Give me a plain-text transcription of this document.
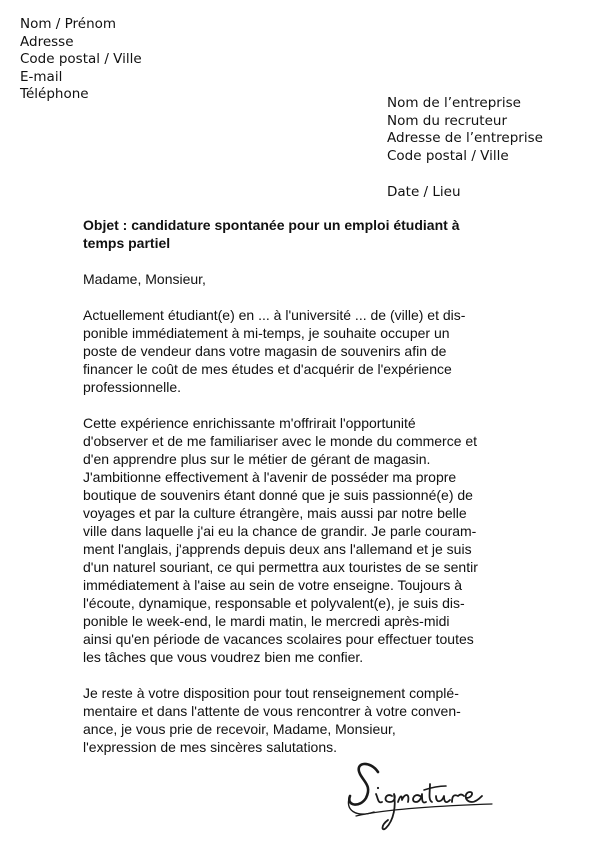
Nom / Prénom
Adresse
Code postal / Ville
E-mail
Téléphone
Nom de l’entreprise
Nom du recruteur
Adresse de l’entreprise
Code postal / Ville
Date / Lieu
Objet : candidature spontanée pour un emploi étudiant à
temps partiel
Madame, Monsieur,
Actuellement étudiant(e) en ... à l'université ... de (ville) et dis-
ponible immédiatement à mi-temps, je souhaite occuper un
poste de vendeur dans votre magasin de souvenirs afin de
financer le coût de mes études et d'acquérir de l'expérience
professionnelle.
Cette expérience enrichissante m'offrirait l'opportunité
d'observer et de me familiariser avec le monde du commerce et
d'en apprendre plus sur le métier de gérant de magasin.
J'ambitionne effectivement à l'avenir de posséder ma propre
boutique de souvenirs étant donné que je suis passionné(e) de
voyages et par la culture étrangère, mais aussi par notre belle
ville dans laquelle j'ai eu la chance de grandir. Je parle couram-
ment l'anglais, j'apprends depuis deux ans l'allemand et je suis
d'un naturel souriant, ce qui permettra aux touristes de se sentir
immédiatement à l'aise au sein de votre enseigne. Toujours à
l'écoute, dynamique, responsable et polyvalent(e), je suis dis-
ponible le week-end, le mardi matin, le mercredi après-midi
ainsi qu'en période de vacances scolaires pour effectuer toutes
les tâches que vous voudrez bien me confier.
Je reste à votre disposition pour tout renseignement complé-
mentaire et dans l'attente de vous rencontrer à votre conven-
ance, je vous prie de recevoir, Madame, Monsieur,
l'expression de mes sincères salutations.
